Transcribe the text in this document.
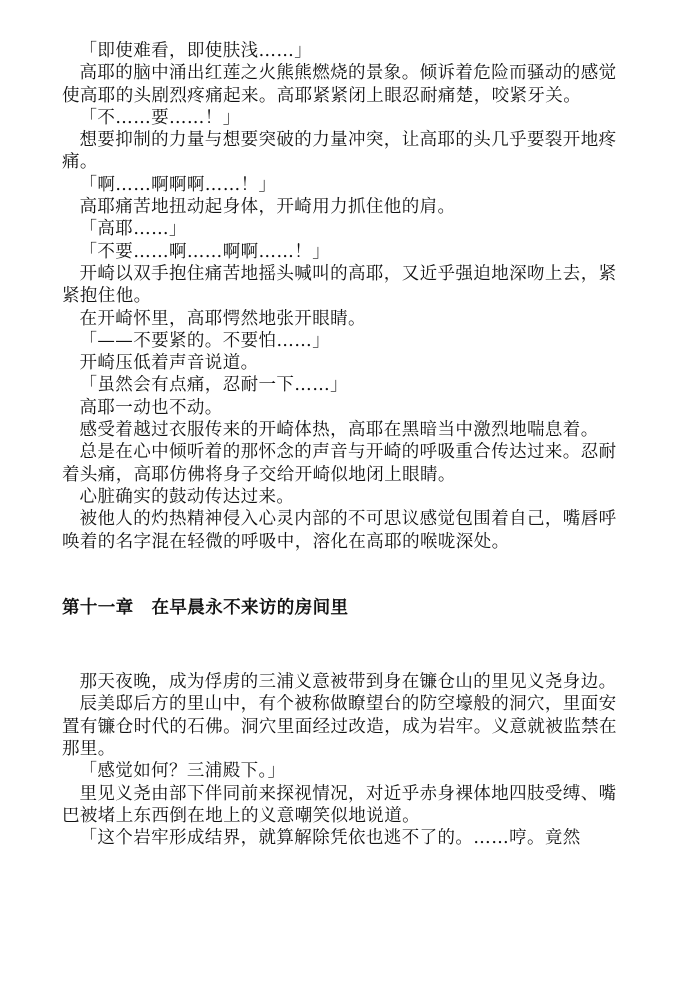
「即使难看，即使肤浅……」

高耶的脑中涌出红莲之火熊熊燃烧的景象。倾诉着危险而骚动的感觉使高耶的头剧烈疼痛起来。高耶紧紧闭上眼忍耐痛楚，咬紧牙关。

「不……要……！」

想要抑制的力量与想要突破的力量冲突，让高耶的头几乎要裂开地疼痛。

「啊……啊啊啊……！」

高耶痛苦地扭动起身体，开崎用力抓住他的肩。

「高耶……」

「不要……啊……啊啊……！」

开崎以双手抱住痛苦地摇头喊叫的高耶，又近乎强迫地深吻上去，紧紧抱住他。

在开崎怀里，高耶愕然地张开眼睛。

「——不要紧的。不要怕……」

开崎压低着声音说道。

「虽然会有点痛，忍耐一下……」

高耶一动也不动。

感受着越过衣服传来的开崎体热，高耶在黑暗当中激烈地喘息着。

总是在心中倾听着的那怀念的声音与开崎的呼吸重合传达过来。忍耐着头痛，高耶仿佛将身子交给开崎似地闭上眼睛。

心脏确实的鼓动传达过来。

被他人的灼热精神侵入心灵内部的不可思议感觉包围着自己，嘴唇呼唤着的名字混在轻微的呼吸中，溶化在高耶的喉咙深处。

第十一章　在早晨永不来访的房间里

那天夜晚，成为俘虏的三浦义意被带到身在镰仓山的里见义尧身边。

辰美邸后方的里山中，有个被称做瞭望台的防空壕般的洞穴，里面安置有镰仓时代的石佛。洞穴里面经过改造，成为岩牢。义意就被监禁在那里。

「感觉如何？三浦殿下。」

里见义尧由部下伴同前来探视情况，对近乎赤身裸体地四肢受缚、嘴巴被堵上东西倒在地上的义意嘲笑似地说道。

「这个岩牢形成结界，就算解除凭依也逃不了的。……哼。竟然
